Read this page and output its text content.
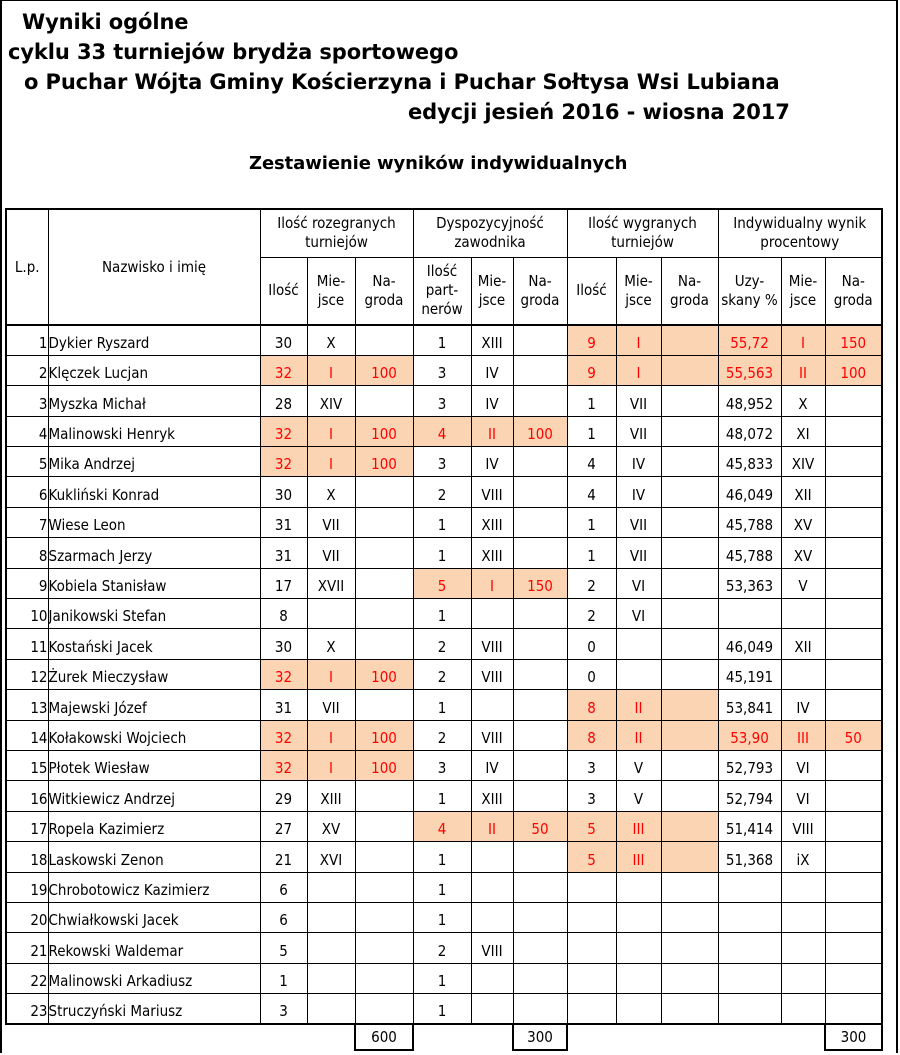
Wyniki ogólne
cyklu 33 turniejów brydża sportowego
o Puchar Wójta Gminy Kościerzyna i Puchar Sołtysa Wsi Lubiana
edycji jesień 2016 - wiosna 2017
Zestawienie wyników indywidualnych
L.p.	Nazwisko i imię	Ilość rozegranych turniejów			Dyspozycyjność zawodnika			Ilość wygranych turniejów			Indywidualny wynik procentowy		
		Ilość	Mie-jsce	Na-groda	Ilość part-nerów	Mie-jsce	Na-groda	Ilość	Mie-jsce	Na-groda	Uzy-skany %	Mie-jsce	Na-groda
1	Dykier Ryszard	30	X		1	XIII		9	I		55,72	I	150
2	Klęczek Lucjan	32	I	100	3	IV		9	I		55,563	II	100
3	Myszka Michał	28	XIV		3	IV		1	VII		48,952	X	
4	Malinowski Henryk	32	I	100	4	II	100	1	VII		48,072	XI	
5	Mika Andrzej	32	I	100	3	IV		4	IV		45,833	XIV	
6	Kukliński Konrad	30	X		2	VIII		4	IV		46,049	XII	
7	Wiese Leon	31	VII		1	XIII		1	VII		45,788	XV	
8	Szarmach Jerzy	31	VII		1	XIII		1	VII		45,788	XV	
9	Kobiela Stanisław	17	XVII		5	I	150	2	VI		53,363	V	
10	Janikowski Stefan	8			1			2	VI				
11	Kostański Jacek	30	X		2	VIII		0			46,049	XII	
12	Żurek Mieczysław	32	I	100	2	VIII		0			45,191		
13	Majewski Józef	31	VII		1			8	II		53,841	IV	
14	Kołakowski Wojciech	32	I	100	2	VIII		8	II		53,90	III	50
15	Płotek Wiesław	32	I	100	3	IV		3	V		52,793	VI	
16	Witkiewicz Andrzej	29	XIII		1	XIII		3	V		52,794	VI	
17	Ropela Kazimierz	27	XV		4	II	50	5	III		51,414	VIII	
18	Laskowski Zenon	21	XVI		1			5	III		51,368	iX	
19	Chrobotowicz Kazimierz	6			1								
20	Chwiałkowski Jacek	6			1								
21	Rekowski Waldemar	5			2	VIII							
22	Malinowski Arkadiusz	1			1								
23	Struczyński Mariusz	3			1								
				600			300						300
